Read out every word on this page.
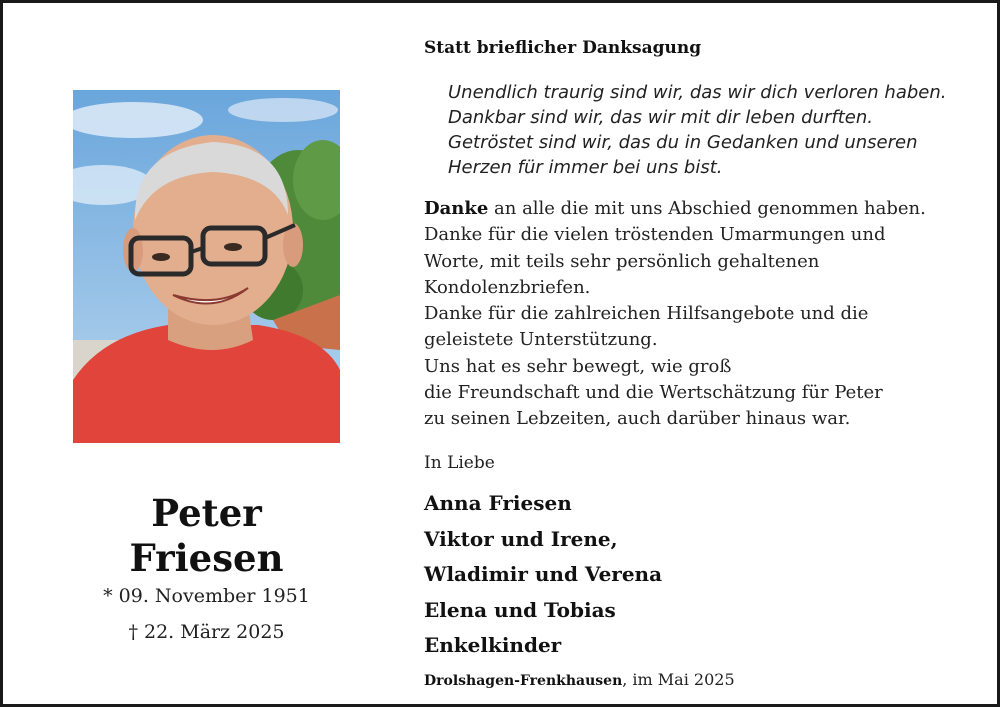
Peter
Friesen
* 09. November 1951
† 22. März 2025
Statt brieflicher Danksagung
Unendlich traurig sind wir, das wir dich verloren haben.
Dankbar sind wir, das wir mit dir leben durften.
Getröstet sind wir, das du in Gedanken und unseren
Herzen für immer bei uns bist.
Danke an alle die mit uns Abschied genommen haben.
Danke für die vielen tröstenden Umarmungen und
Worte, mit teils sehr persönlich gehaltenen
Kondolenzbriefen.
Danke für die zahlreichen Hilfsangebote und die
geleistete Unterstützung.
Uns hat es sehr bewegt, wie groß
die Freundschaft und die Wertschätzung für Peter
zu seinen Lebzeiten, auch darüber hinaus war.
In Liebe
Anna Friesen
Viktor und Irene,
Wladimir und Verena
Elena und Tobias
Enkelkinder
Drolshagen-Frenkhausen, im Mai 2025
